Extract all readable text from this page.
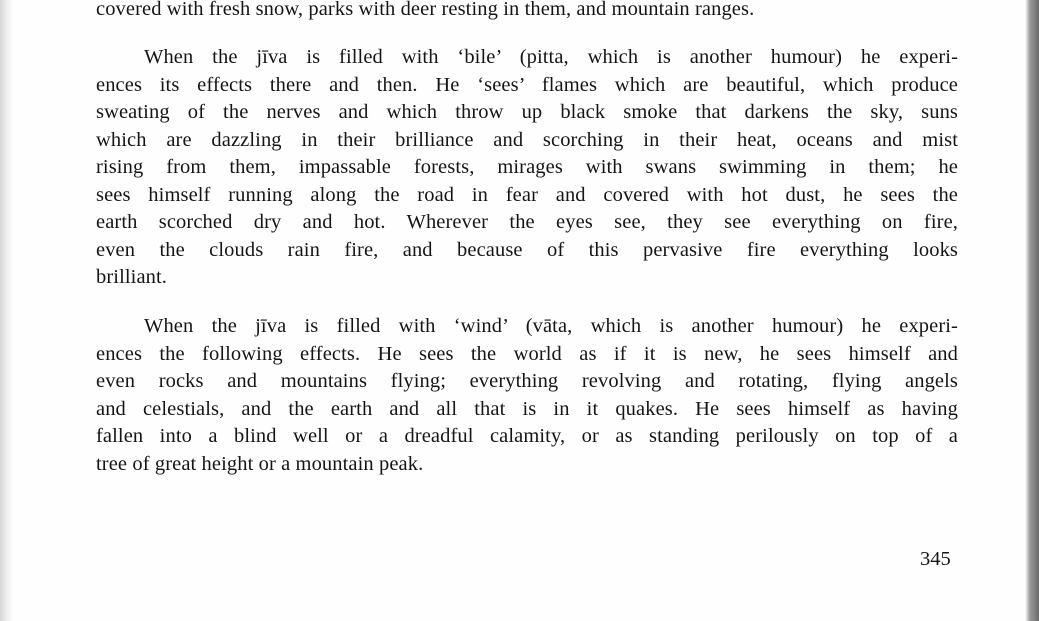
covered with fresh snow, parks with deer resting in them, and mountain ranges.
When the jīva is filled with ‘bile’ (pitta, which is another humour) he experi-
ences its effects there and then. He ‘sees’ flames which are beautiful, which produce
sweating of the nerves and which throw up black smoke that darkens the sky, suns
which are dazzling in their brilliance and scorching in their heat, oceans and mist
rising from them, impassable forests, mirages with swans swimming in them; he
sees himself running along the road in fear and covered with hot dust, he sees the
earth scorched dry and hot. Wherever the eyes see, they see everything on fire,
even the clouds rain fire, and because of this pervasive fire everything looks
brilliant.
When the jīva is filled with ‘wind’ (vāta, which is another humour) he experi-
ences the following effects. He sees the world as if it is new, he sees himself and
even rocks and mountains flying; everything revolving and rotating, flying angels
and celestials, and the earth and all that is in it quakes. He sees himself as having
fallen into a blind well or a dreadful calamity, or as standing perilously on top of a
tree of great height or a mountain peak.
345
